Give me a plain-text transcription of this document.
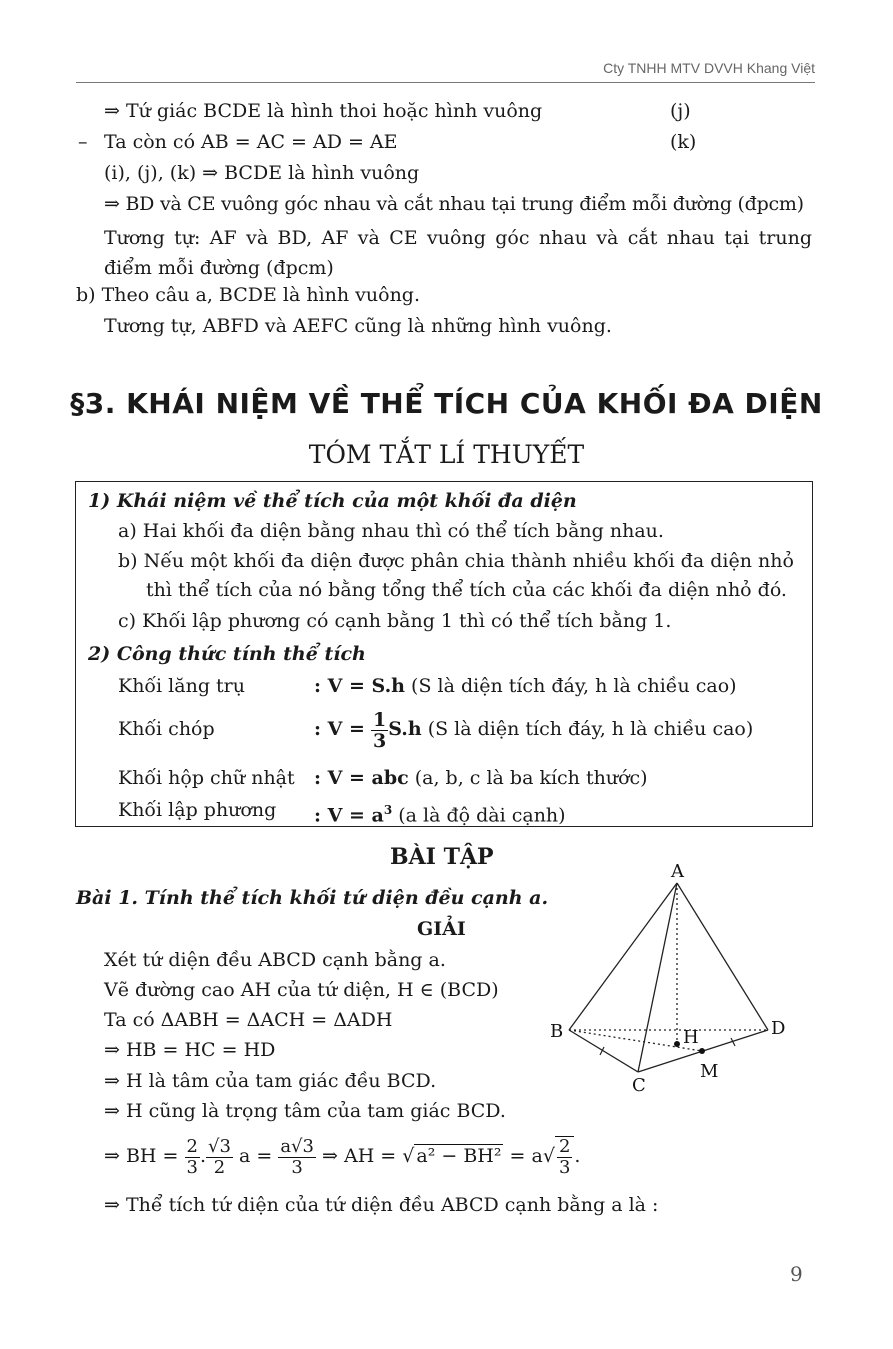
Cty TNHH MTV DVVH Khang Việt
⇒ Tứ giác BCDE là hình thoi hoặc hình vuông	(j)
– Ta còn có AB = AC = AD = AE	(k)
(i), (j), (k) ⇒ BCDE là hình vuông
⇒ BD và CE vuông góc nhau và cắt nhau tại trung điểm mỗi đường (đpcm)
Tương tự: AF và BD, AF và CE vuông góc nhau và cắt nhau tại trung điểm mỗi đường (đpcm)
b) Theo câu a, BCDE là hình vuông.
Tương tự, ABFD và AEFC cũng là những hình vuông.
§3. KHÁI NIỆM VỀ THỂ TÍCH CỦA KHỐI ĐA DIỆN
TÓM TẮT LÍ THUYẾT
1) Khái niệm về thể tích của một khối đa diện
a) Hai khối đa diện bằng nhau thì có thể tích bằng nhau.
b) Nếu một khối đa diện được phân chia thành nhiều khối đa diện nhỏ
thì thể tích của nó bằng tổng thể tích của các khối đa diện nhỏ đó.
c) Khối lập phương có cạnh bằng 1 thì có thể tích bằng 1.
2) Công thức tính thể tích
Khối lăng trụ	: V = S.h (S là diện tích đáy, h là chiều cao)
Khối chóp	: $V = \frac{1}{3} S.h$ (S là diện tích đáy, h là chiều cao)
Khối hộp chữ nhật : V = abc (a, b, c là ba kích thước)
Khối lập phương : $V = a^3$ (a là độ dài cạnh)
BÀI TẬP
Bài 1. Tính thể tích khối tứ diện đều cạnh a.
GIẢI
Xét tứ diện đều ABCD cạnh bằng a.
Vẽ đường cao AH của tứ diện, H ∈ (BCD)
Ta có ΔABH = ΔACH = ΔADH
⇒ HB = HC = HD
⇒ H là tâm của tam giác đều BCD.
⇒ H cũng là trọng tâm của tam giác BCD.
⇒ BH = $\frac{2}{3}$ . $\frac{√3}{2}$ $a = \frac{a√3}{3}$ ⇒ AH = √ $a^2 - BH^2 = a√ \frac{2}{3}$ .
⇒ Thể tích tứ diện của tứ diện đều ABCD cạnh bằng a là :
A
B
C
D
H
M
9
